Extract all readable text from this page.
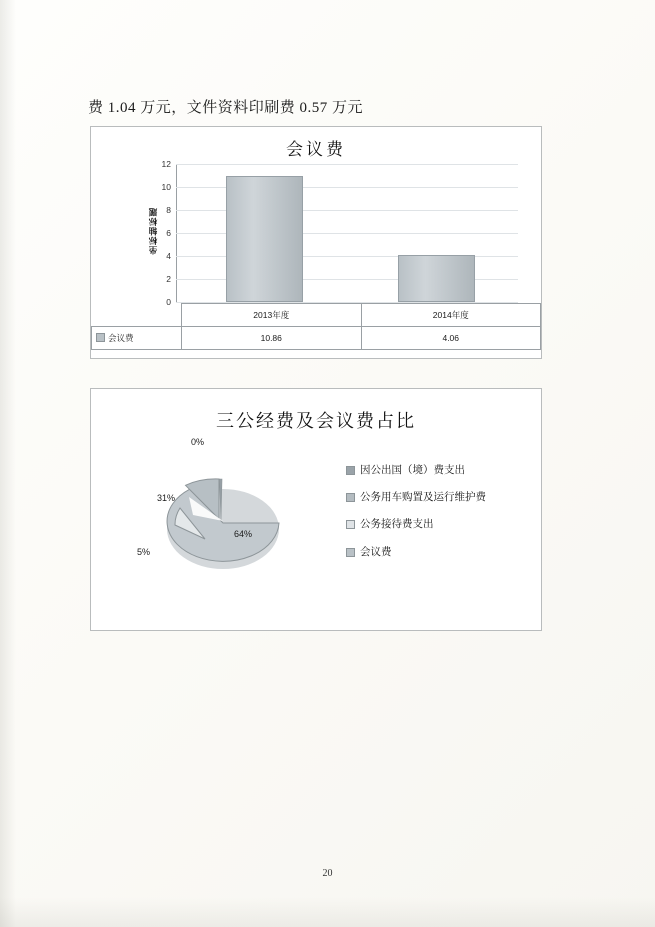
费 1.04 万元，文件资料印刷费 0.57 万元
会议费
坐标轴标题
12
10
8
6
4
2
0
	2013年度	2014年度
会议费	10.86	4.06
三公经费及会议费占比
0%
31%
5%
64%
因公出国（境）费支出
公务用车购置及运行维护费
公务接待费支出
会议费
20
